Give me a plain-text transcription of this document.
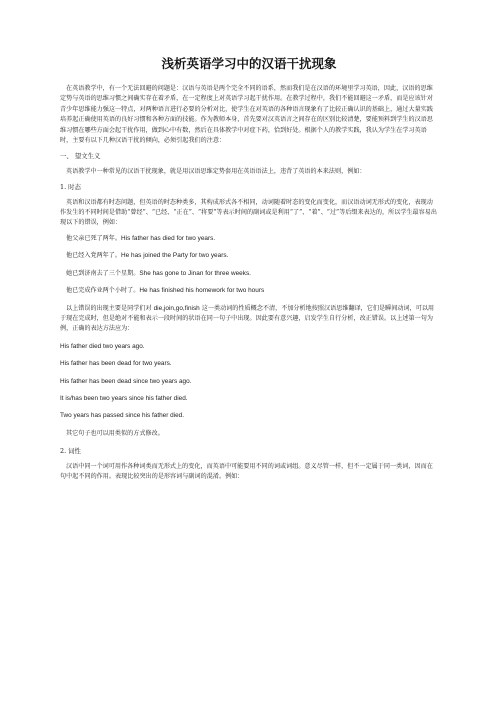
浅析英语学习中的汉语干扰现象

在英语教学中，有一个无法回避的问题是：汉语与英语是两个完全不同的语系，然而我们是在汉语的环境里学习英语，因此，汉语的思维定势与英语的思维习惯之间确实存在着矛盾，在一定程度上对英语学习起干扰作用。在教学过程中，我们不能回避这一矛盾，而是应该针对青少年思维能力强这一特点，对两种语言进行必要的分析对比，使学生在对英语的各种语言现象有了比较正确认识的基础上，通过大量实践培养起正确使用英语的良好习惯和各种方面的技能。作为教师本身，首先要对汉英语言之间存在的区别比较清楚，要能预料到学生的汉语思维习惯在哪些方面会起干扰作用，做到心中有数，然后在具体教学中对症下药，恰到好处。根据个人的教学实践，我认为学生在学习英语时，主要有以下几种汉语干扰的倾向，必须引起我们的注意：

一、 望文生义

英语教学中一种常见的汉语干扰现象，就是用汉语思维定势套用在英语语法上，违背了英语的本来法则，例如：

1. 时态

英语和汉语都有时态问题，但英语的时态种类多，其构成形式各不相同，动词随着时态的变化而变化，而汉语动词无形式的变化，表现动作发生的不同时间是借助“曾经”、“已经、“正在”、“将要”等表示时间的副词或是利用“了”、“着”、“过”等后缀来表达的，所以学生最容易出现以下的错误，例如：

他父亲已死了两年。His father has died for two years.

他已经入党两年了。He has joined the Party for two years.

她已到济南去了三个星期。She has gone to Jinan for three weeks.

他已完成作业两个小时了。He has finished his homework for two hours

以上错误的出现主要是同学们对 die,join,go,finish 这一类动词的性质概念不清，不加分析地按照汉语思维翻译，它们是瞬间动词，可以用于现在完成时，但是绝对不能和表示一段时间的状语在同一句子中出现。因此要有意兴趣，启发学生自行分析，改正错误。以上述第一句为例，正确的表达方法应为：

His father died two years ago.

His father has been dead for two years.

His father has been dead since two years ago.

It is/has been two years since his father died.

Two years has passed since his father died.

其它句子也可以用类似的方式修改。

2. 词性

汉语中同一个词可用作各种词类而无形式上的变化，而英语中可能要用不同的词或词组。意义尽管一样，但不一定属于同一类词，因而在句中起不同的作用。表现比较突出的是形容词与副词的混淆。例如：
